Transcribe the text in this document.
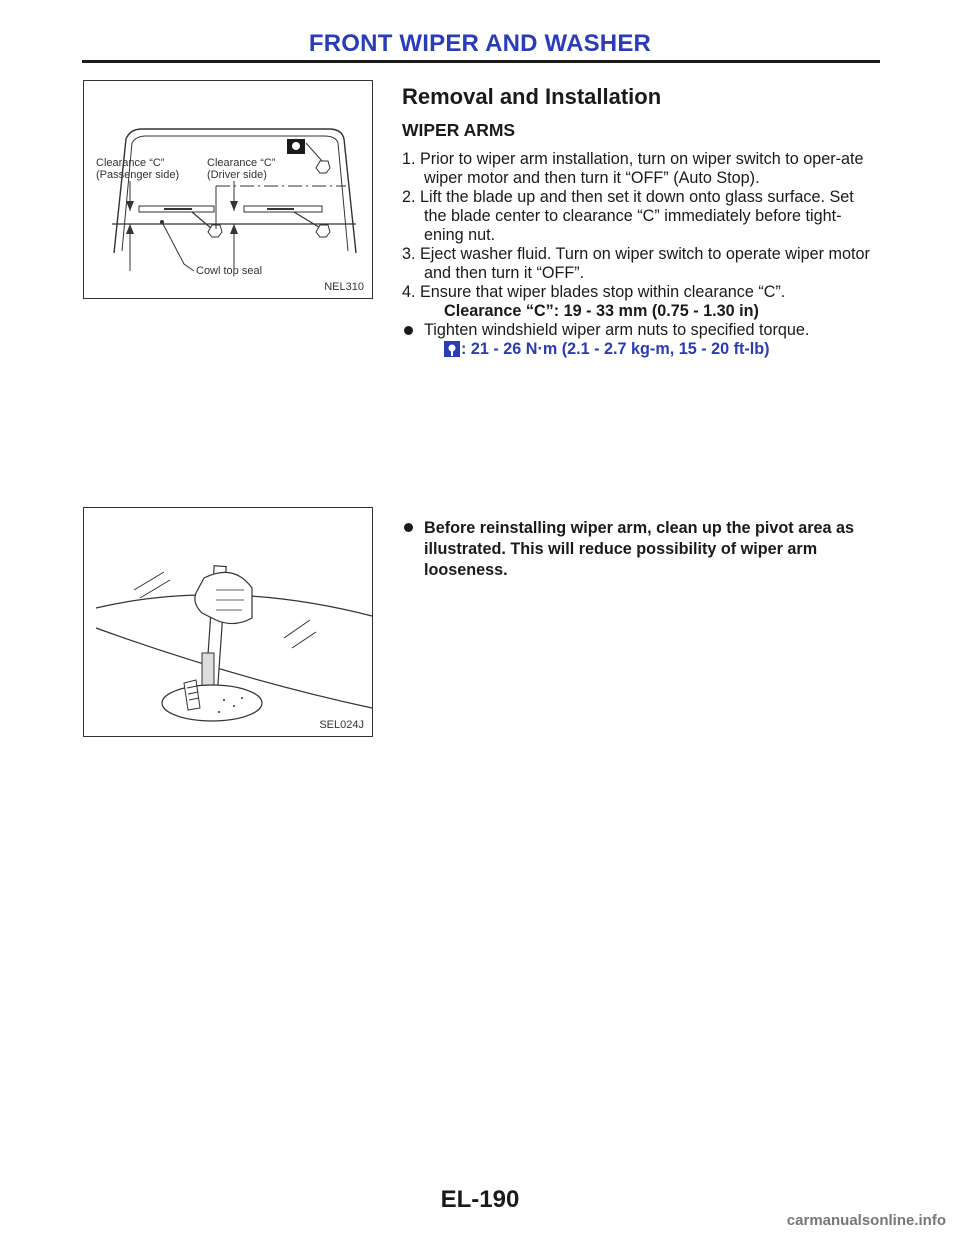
FRONT WIPER AND WASHER
Clearance “C”
(Passenger side)
Clearance “C”
(Driver side)
Cowl top seal
NEL310
SEL024J
Removal and Installation
WIPER ARMS
1. Prior to wiper arm installation, turn on wiper switch to oper-ate wiper motor and then turn it “OFF” (Auto Stop).
2. Lift the blade up and then set it down onto glass surface. Set the blade center to clearance “C” immediately before tight-ening nut.
3. Eject washer fluid. Turn on wiper switch to operate wiper motor and then turn it “OFF”.
4. Ensure that wiper blades stop within clearance “C”.
Clearance “C”: 19 - 33 mm (0.75 - 1.30 in)
Tighten windshield wiper arm nuts to specified torque.
: 21 - 26 N·m (2.1 - 2.7 kg-m, 15 - 20 ft-lb)
Before reinstalling wiper arm, clean up the pivot area as illustrated. This will reduce possibility of wiper arm looseness.
EL-190
carmanualsonline.info
